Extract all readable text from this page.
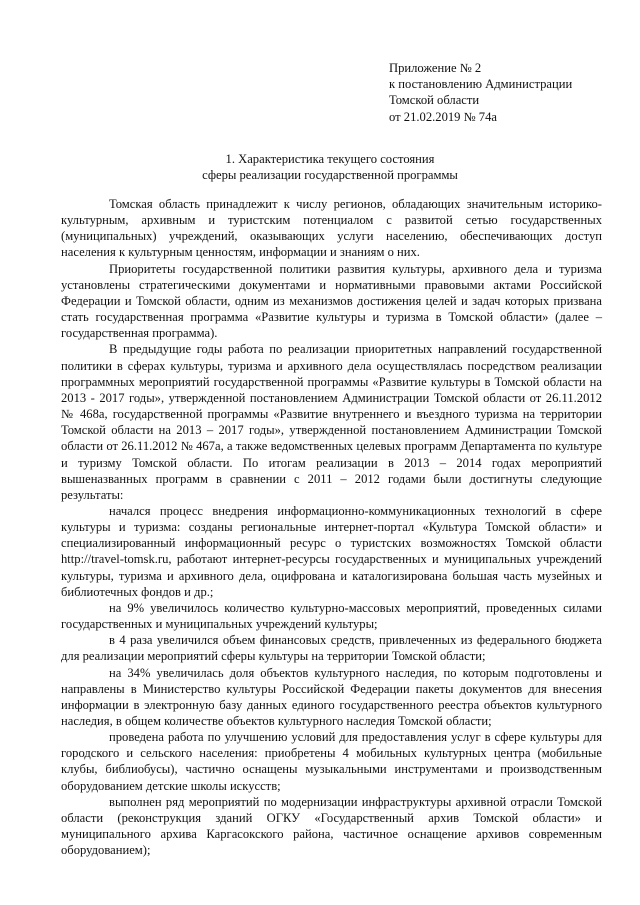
Приложение № 2
к постановлению Администрации
Томской области
от 21.02.2019 № 74а
1. Характеристика текущего состояния
сферы реализации государственной программы

Томская область принадлежит к числу регионов, обладающих значительным историко-культурным, архивным и туристским потенциалом с развитой сетью государственных (муниципальных) учреждений, оказывающих услуги населению, обеспечивающих доступ населения к культурным ценностям, информации и знаниям о них.

Приоритеты государственной политики развития культуры, архивного дела и туризма установлены стратегическими документами и нормативными правовыми актами Российской Федерации и Томской области, одним из механизмов достижения целей и задач которых призвана стать государственная программа «Развитие культуры и туризма в Томской области» (далее – государственная программа).

В предыдущие годы работа по реализации приоритетных направлений государственной политики в сферах культуры, туризма и архивного дела осуществлялась посредством реализации программных мероприятий государственной программы «Развитие культуры в Томской области на 2013 - 2017 годы», утвержденной постановлением Администрации Томской области от 26.11.2012 № 468а, государственной программы «Развитие внутреннего и въездного туризма на территории Томской области на 2013 – 2017 годы», утвержденной постановлением Администрации Томской области от 26.11.2012 № 467а, а также ведомственных целевых программ Департамента по культуре и туризму Томской области. По итогам реализации в 2013 – 2014 годах мероприятий вышеназванных программ в сравнении с 2011 – 2012 годами были достигнуты следующие результаты:

начался процесс внедрения информационно-коммуникационных технологий в сфере культуры и туризма: созданы региональные интернет-портал «Культура Томской области» и специализированный информационный ресурс о туристских возможностях Томской области http://travel-tomsk.ru, работают интернет-ресурсы государственных и муниципальных учреждений культуры, туризма и архивного дела, оцифрована и каталогизирована большая часть музейных и библиотечных фондов и др.;

на 9% увеличилось количество культурно-массовых мероприятий, проведенных силами государственных и муниципальных учреждений культуры;

в 4 раза увеличился объем финансовых средств, привлеченных из федерального бюджета для реализации мероприятий сферы культуры на территории Томской области;

на 34% увеличилась доля объектов культурного наследия, по которым подготовлены и направлены в Министерство культуры Российской Федерации пакеты документов для внесения информации в электронную базу данных единого государственного реестра объектов культурного наследия, в общем количестве объектов культурного наследия Томской области;

проведена работа по улучшению условий для предоставления услуг в сфере культуры для городского и сельского населения: приобретены 4 мобильных культурных центра (мобильные клубы, библиобусы), частично оснащены музыкальными инструментами и производственным оборудованием детские школы искусств;

выполнен ряд мероприятий по модернизации инфраструктуры архивной отрасли Томской области (реконструкция зданий ОГКУ «Государственный архив Томской области» и муниципального архива Каргасокского района, частичное оснащение архивов современным оборудованием);
